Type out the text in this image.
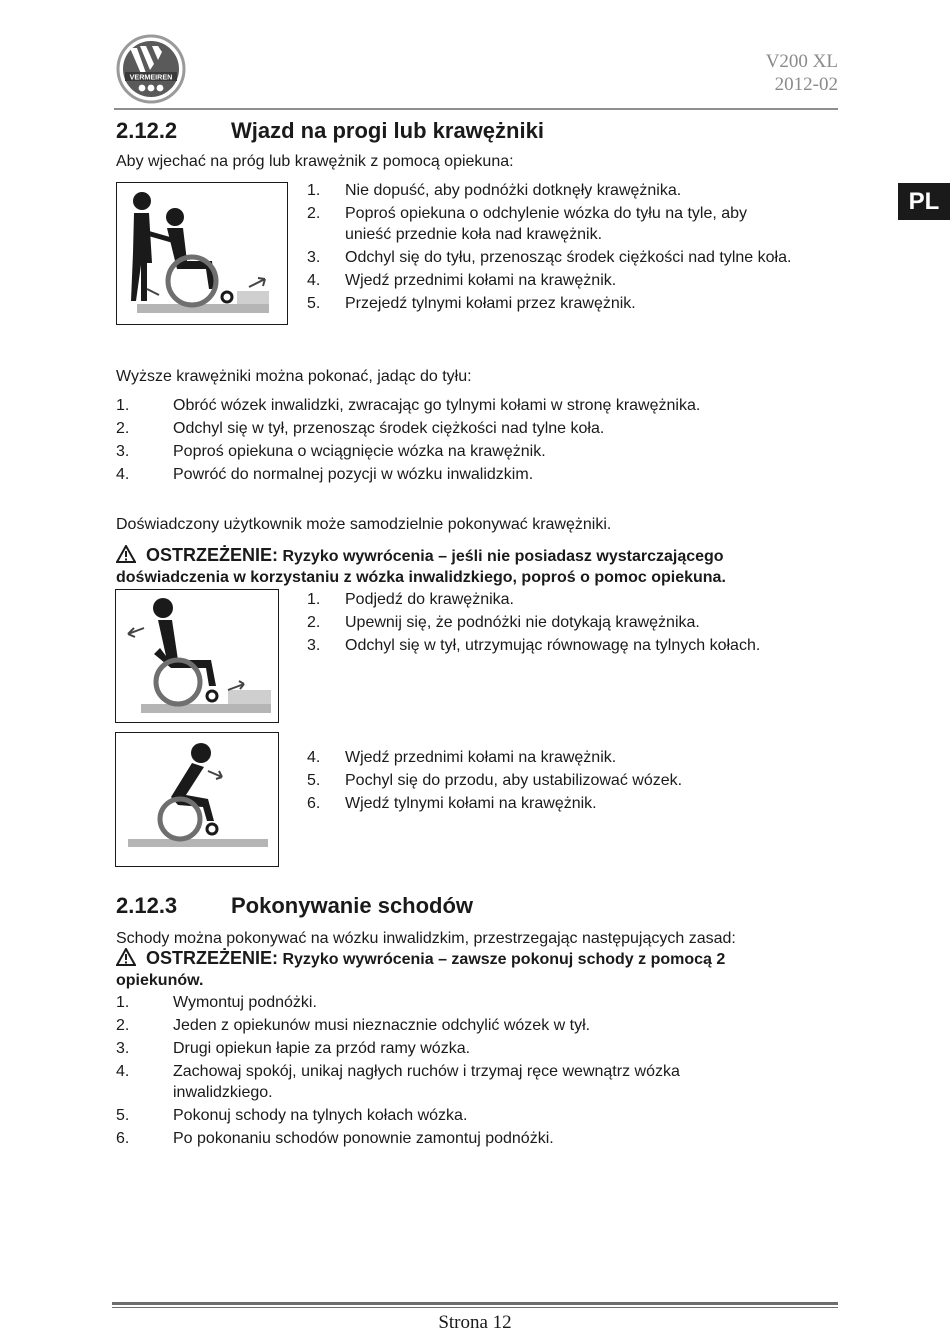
VERMEIREN
V200 XL
2012-02
PL
2.12.2 Wjazd na progi lub krawężniki

Aby wjechać na próg lub krawężnik z pomocą opiekuna:

1.	Nie dopuść, aby podnóżki dotknęły krawężnika.
2.	Poproś opiekuna o odchylenie wózka do tyłu na tyle, aby unieść przednie koła nad krawężnik.
3.	Odchyl się do tyłu, przenosząc środek ciężkości nad tylne koła.
4.	Wjedź przednimi kołami na krawężnik.
5.	Przejedź tylnymi kołami przez krawężnik.

Wyższe krawężniki można pokonać, jadąc do tyłu:

1.	Obróć wózek inwalidzki, zwracając go tylnymi kołami w stronę krawężnika.
2.	Odchyl się w tył, przenosząc środek ciężkości nad tylne koła.
3.	Poproś opiekuna o wciągnięcie wózka na krawężnik.
4.	Powróć do normalnej pozycji w wózku inwalidzkim.

Doświadczony użytkownik może samodzielnie pokonywać krawężniki.

OSTRZEŻENIE: Ryzyko wywrócenia – jeśli nie posiadasz wystarczającego doświadczenia w korzystaniu z wózka inwalidzkiego, poproś o pomoc opiekuna.
1.	Podjedź do krawężnika.
2.	Upewnij się, że podnóżki nie dotykają krawężnika.
3.	Odchyl się w tył, utrzymując równowagę na tylnych kołach.
4.	Wjedź przednimi kołami na krawężnik.
5.	Pochyl się do przodu, aby ustabilizować wózek.
6.	Wjedź tylnymi kołami na krawężnik.
2.12.3 Pokonywanie schodów

Schody można pokonywać na wózku inwalidzkim, przestrzegając następujących zasad:

OSTRZEŻENIE: Ryzyko wywrócenia – zawsze pokonuj schody z pomocą 2 opiekunów.
1.	Wymontuj podnóżki.
2.	Jeden z opiekunów musi nieznacznie odchylić wózek w tył.
3.	Drugi opiekun łapie za przód ramy wózka.
4.	Zachowaj spokój, unikaj nagłych ruchów i trzymaj ręce wewnątrz wózka inwalidzkiego.
5.	Pokonuj schody na tylnych kołach wózka.
6.	Po pokonaniu schodów ponownie zamontuj podnóżki.
Strona 12
